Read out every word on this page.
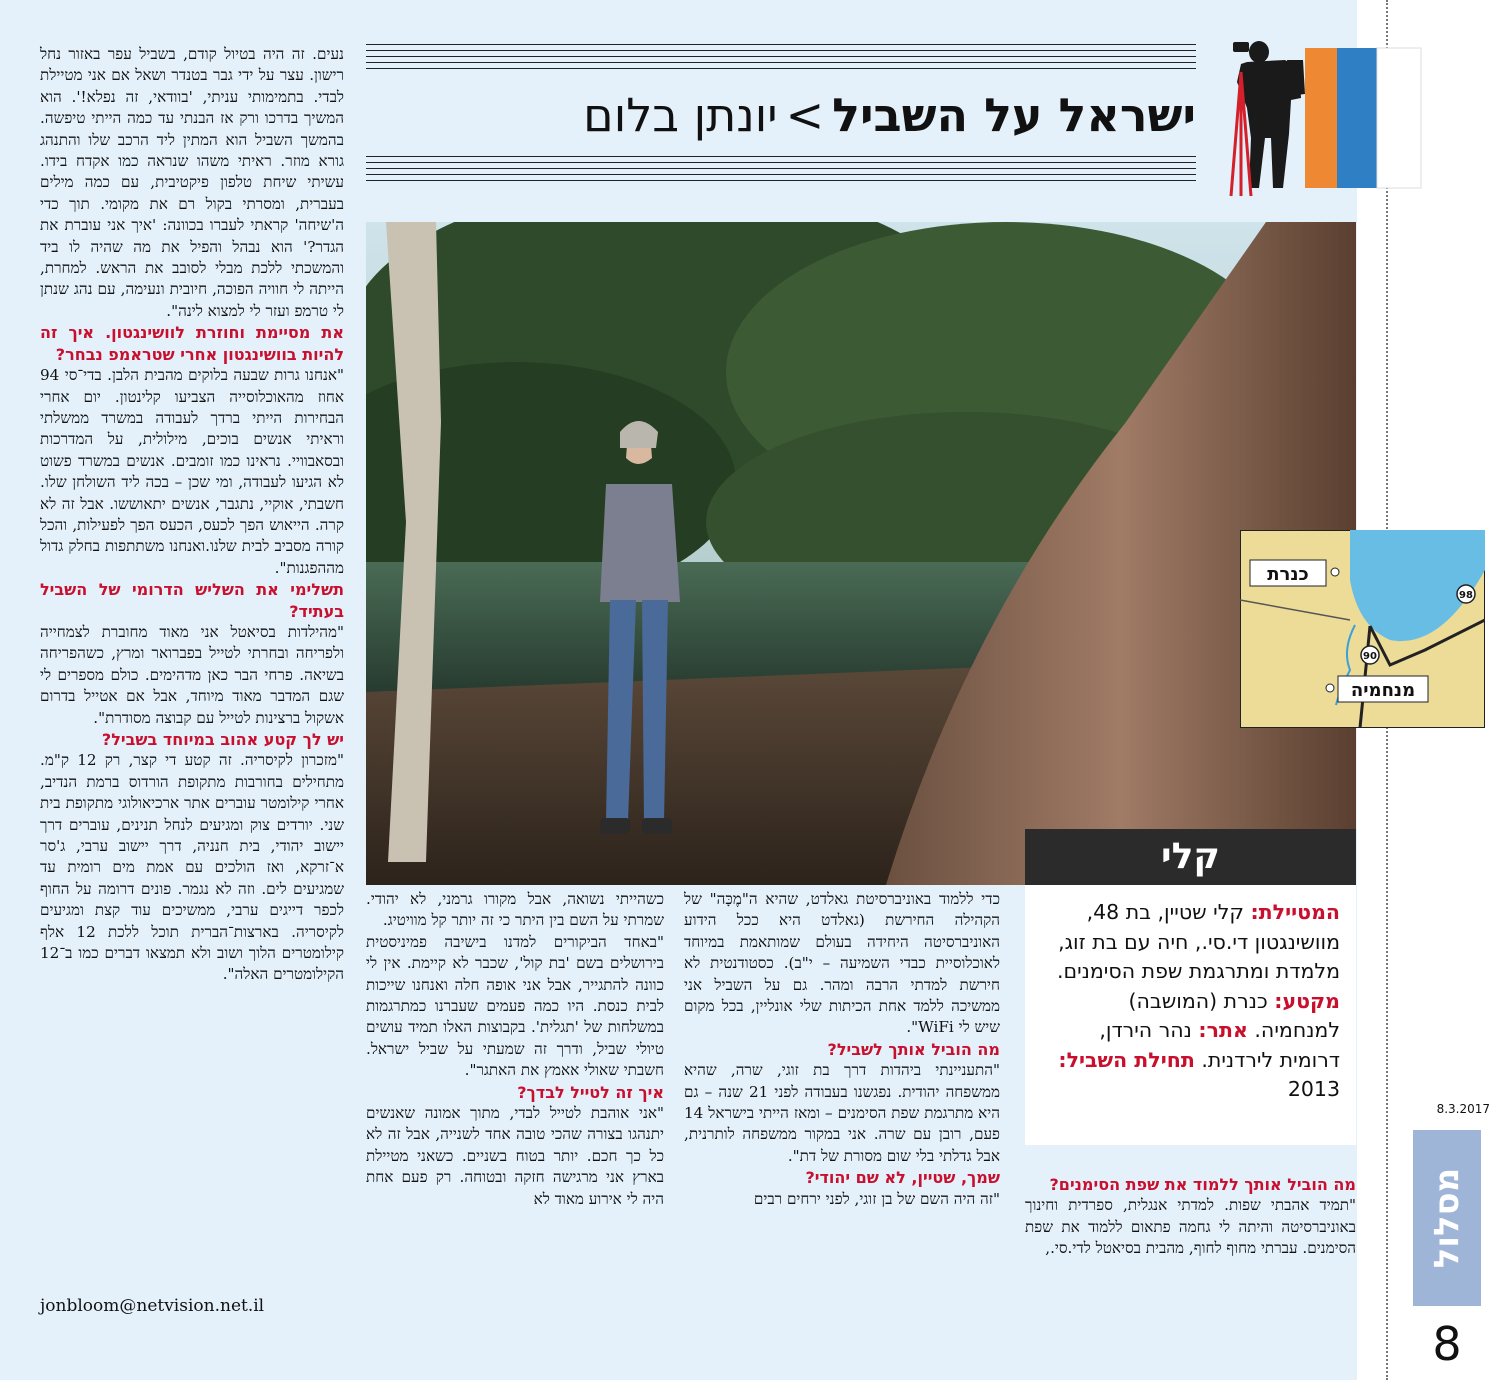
ישראל על השביל>יונתן בלום
קלי
המטיילת: קלי שטיין, בת 48, מוושינגטון די.סי., חיה עם בת זוג, מלמדת ומתרגמת שפת הסימנים. מקטע: כנרת (המושבה) למנחמיה. אתר: נהר הירדן, דרומית לירדנית. תחילת השביל: 2013
98
90
כנרת
מנחמיה

נעים. זה היה בטיול קודם, בשביל עפר באזור נחל רישון. עצר על ידי גבר בטנדר ושאל אם אני מטיילת לבדי. בתמימותי עניתי, 'בוודאי, זה נפלא!'. הוא המשיך בדרכו ורק אז הבנתי עד כמה הייתי טיפשה. בהמשך השביל הוא המתין ליד הרכב שלו והתנהג גורא מוזר. ראיתי משהו שנראה כמו אקדח בידו. עשיתי שיחת טלפון פיקטיבית, עם כמה מילים בעברית, ומסרתי בקול רם את מקומי. תוך כדי ה'שיחה' קראתי לעברו בכוונה: 'איך אני עוברת את הגדר?' הוא נבהל והפיל את מה שהיה לו ביד והמשכתי ללכת מבלי לסובב את הראש. למחרת, הייתה לי חוויה הפוכה, חיובית ונעימה, עם נהג שנתן לי טרמפ ועזר לי למצוא לינה".

את מסיימת וחוזרת לוושינגטון. איך זה להיות בוושינגטון אחרי שטראמפ נבחר?

"אנחנו גרות שבעה בלוקים מהבית הלבן. בדי־סי 94 אחוז מהאוכלוסייה הצביעו קלינטון. יום אחרי הבחירות הייתי ברדך לעבודה במשרד ממשלתי וראיתי אנשים בוכים, מילולית, על המדרכות ובסאבוויי. נראינו כמו זומבים. אנשים במשרד פשוט לא הגיעו לעבודה, ומי שכן – בכה ליד השולחן שלו. חשבתי, אוקיי, נתגבר, אנשים יתאוששו. אבל זה לא קרה. הייאוש הפך לכעס, הכעס הפך לפעילות, והכל קורה מסביב לבית שלנו.ואנחנו משתתפות בחלק גדול מההפגנות".

תשלימי את השליש הדרומי של השביל בעתיד?

"מהילדות בסיאטל אני מאוד מחוברת לצמחייה ולפריחה ובחרתי לטייל בפברואר ומרץ, כשהפריחה בשיאה. פרחי הבר כאן מדהימים. כולם מספרים לי שגם המדבר מאוד מיוחד, אבל אם אטייל בדרום אשקול ברצינות לטייל עם קבוצה מסודרת".

יש לך קטע אהוב במיוחד בשביל?

"מזכרון לקיסריה. זה קטע די קצר, רק 12 ק"מ. מתחילים בחורבות מתקופת הורדוס ברמת הנדיב, אחרי קילומטר עוברים אתר ארכיאולוגי מתקופת בית שני. יורדים צוק ומגיעים לנחל תנינים, עוברים דרך יישוב יהודי, בית חנניה, דרך יישוב ערבי, ג'סר א־זרקא, ואז הולכים עם אמת מים רומית עד שמגיעים לים. וזה לא נגמר. פונים דרומה על החוף לכפר דייגים ערבי, ממשיכים עוד קצת ומגיעים לקיסריה. בארצות־הברית תוכל ללכת 12 אלף קילומטרים הלוך ושוב ולא תמצאו דברים כמו ב־12 הקילומטרים האלה".

jonbloom@netvision.net.il

כשהייתי נשואה, אבל מקורו גרמני, לא יהודי. שמרתי על השם בין היתר כי זה יותר קל מוויטיג.

"באחד הביקורים למדנו בישיבה פמיניסטית בירושלים בשם 'בת קול', שכבר לא קיימת. אין לי כוונה להתגייר, אבל אני אופה חלה ואנחנו שייכות לבית כנסת. היו כמה פעמים שעברנו כמתרגמות במשלחות של 'תגלית'. בקבוצות האלו תמיד עושים טיולי שביל, ודרך זה שמעתי על שביל ישראל. חשבתי שאולי אאמץ את האתגר".

איך זה לטייל לבדך?

"אני אוהבת לטייל לבדי, מתוך אמונה שאנשים יתנהגו בצורה שהכי טובה אחד לשנייה, אבל זה לא כל כך חכם. יותר בטוח בשניים. כשאני מטיילת בארץ אני מרגישה חזקה ובטוחה. רק פעם אחת היה לי אירוע מאוד לא

כדי ללמוד באוניברסיטת גאלדט, שהיא ה"מֶכָּה" של הקהילה החירשת (גאלדט היא ככל הידוע האוניברסיטה היחידה בעולם שמותאמת במיוחד לאוכלוסיית כבדי השמיעה – י"ב). כסטודנטית לא חירשת למדתי הרבה ומהר. גם על השביל אני ממשיכה ללמד אחת הכיתות שלי אונליין, בכל מקום שיש לי WiFi".

מה הוביל אותך לשביל?

"התעניינתי ביהדות דרך בת זוגי, שרה, שהיא ממשפחה יהודית. נפגשנו בעבודה לפני 21 שנה – גם היא מתרגמת שפת הסימנים – ומאז הייתי בישראל 14 פעם, רובן עם שרה. אני במקור ממשפחה לותרנית, אבל גדלתי בלי שום מסורת של דת".

שמך, שטיין, לא שם יהודי?

"זה היה השם של בן זוגי, לפני ירחים רבים

מה הוביל אותך ללמוד את שפת הסימנים?

"תמיד אהבתי שפות. למדתי אנגלית, ספרדית וחינוך באוניברסיטה והיתה לי גחמה פתאום ללמוד את שפת הסימנים. עברתי מחוף לחוף, מהבית בסיאטל לדי.סי.,

8.3.2017
מסלול
8
